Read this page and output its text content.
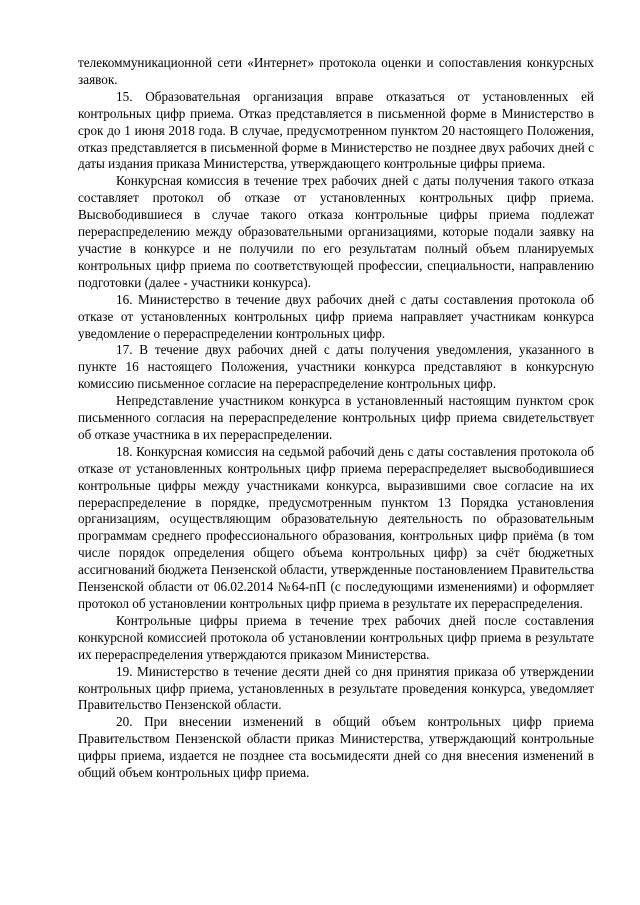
телекоммуникационной сети «Интернет» протокола оценки и сопоставления конкурсных заявок.

15. Образовательная организация вправе отказаться от установленных ей контрольных цифр приема. Отказ представляется в письменной форме в Министерство в срок до 1 июня 2018 года. В случае, предусмотренном пунктом 20 настоящего Положения, отказ представляется в письменной форме в Министерство не позднее двух рабочих дней с даты издания приказа Министерства, утверждающего контрольные цифры приема.

Конкурсная комиссия в течение трех рабочих дней с даты получения такого отказа составляет протокол об отказе от установленных контрольных цифр приема. Высвободившиеся в случае такого отказа контрольные цифры приема подлежат перераспределению между образовательными организациями, которые подали заявку на участие в конкурсе и не получили по его результатам полный объем планируемых контрольных цифр приема по соответствующей профессии, специальности, направлению подготовки (далее - участники конкурса).

16. Министерство в течение двух рабочих дней с даты составления протокола об отказе от установленных контрольных цифр приема направляет участникам конкурса уведомление о перераспределении контрольных цифр.

17. В течение двух рабочих дней с даты получения уведомления, указанного в пункте 16 настоящего Положения, участники конкурса представляют в конкурсную комиссию письменное согласие на перераспределение контрольных цифр.

Непредставление участником конкурса в установленный настоящим пунктом срок письменного согласия на перераспределение контрольных цифр приема свидетельствует об отказе участника в их перераспределении.

18. Конкурсная комиссия на седьмой рабочий день с даты составления протокола об отказе от установленных контрольных цифр приема перераспределяет высвободившиеся контрольные цифры между участниками конкурса, выразившими свое согласие на их перераспределение в порядке, предусмотренным пунктом 13 Порядка установления организациям, осуществляющим образовательную деятельность по образовательным программам среднего профессионального образования, контрольных цифр приёма (в том числе порядок определения общего объема контрольных цифр) за счёт бюджетных ассигнований бюджета Пензенской области, утвержденные постановлением Правительства Пензенской области от 06.02.2014 №64-пП (с последующими изменениями) и оформляет протокол об установлении контрольных цифр приема в результате их перераспределения.

Контрольные цифры приема в течение трех рабочих дней после составления конкурсной комиссией протокола об установлении контрольных цифр приема в результате их перераспределения утверждаются приказом Министерства.

19. Министерство в течение десяти дней со дня принятия приказа об утверждении контрольных цифр приема, установленных в результате проведения конкурса, уведомляет Правительство Пензенской области.

20. При внесении изменений в общий объем контрольных цифр приема Правительством Пензенской области приказ Министерства, утверждающий контрольные цифры приема, издается не позднее ста восьмидесяти дней со дня внесения изменений в общий объем контрольных цифр приема.
